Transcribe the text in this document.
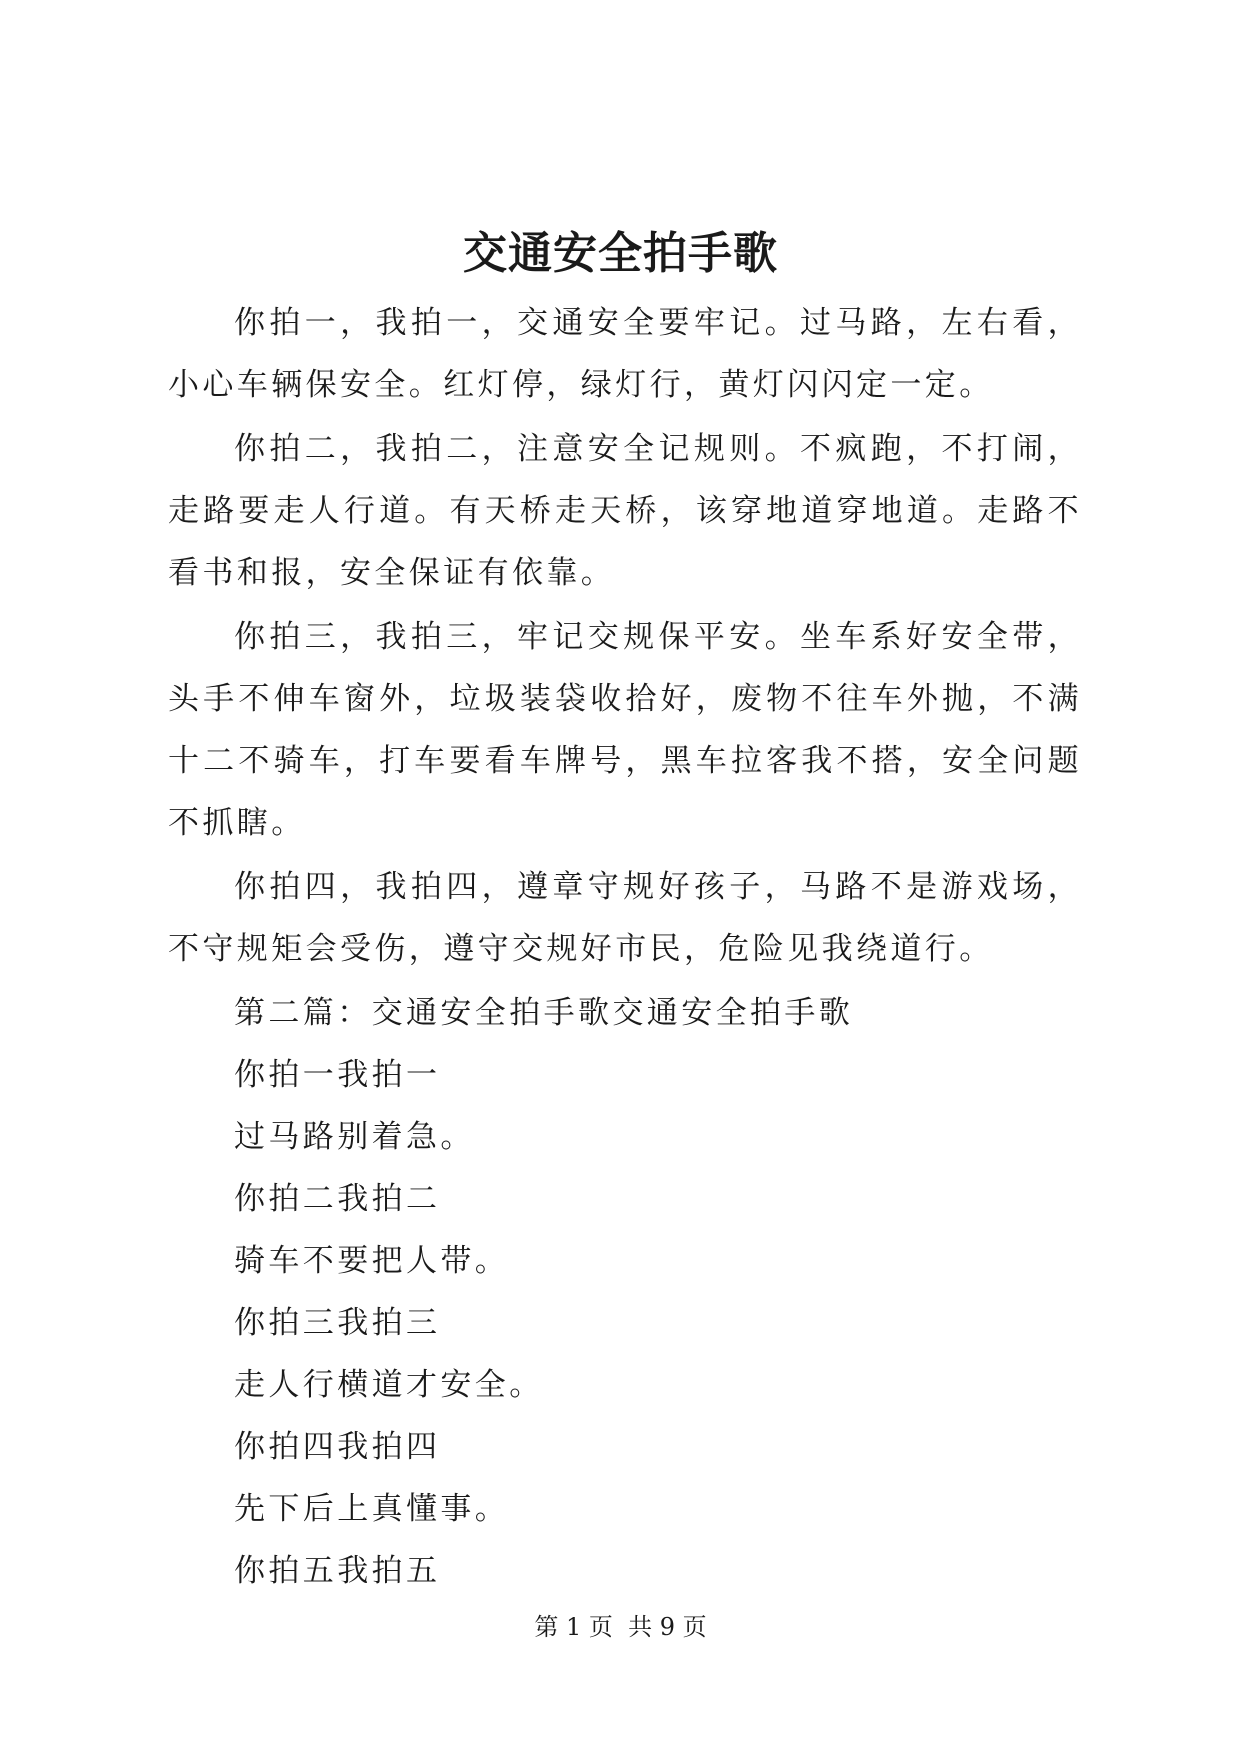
交通安全拍手歌

你拍一，我拍一，交通安全要牢记。过马路，左右看，小心车辆保安全。红灯停，绿灯行，黄灯闪闪定一定。

你拍二，我拍二，注意安全记规则。不疯跑，不打闹，走路要走人行道。有天桥走天桥，该穿地道穿地道。走路不看书和报，安全保证有依靠。

你拍三，我拍三，牢记交规保平安。坐车系好安全带，头手不伸车窗外，垃圾装袋收拾好，废物不往车外抛，不满十二不骑车，打车要看车牌号，黑车拉客我不搭，安全问题不抓瞎。

你拍四，我拍四，遵章守规好孩子，马路不是游戏场，不守规矩会受伤，遵守交规好市民，危险见我绕道行。

第二篇：交通安全拍手歌交通安全拍手歌

你拍一我拍一

过马路别着急。

你拍二我拍二

骑车不要把人带。

你拍三我拍三

走人行横道才安全。

你拍四我拍四

先下后上真懂事。

你拍五我拍五

第 1 页  共 9 页
